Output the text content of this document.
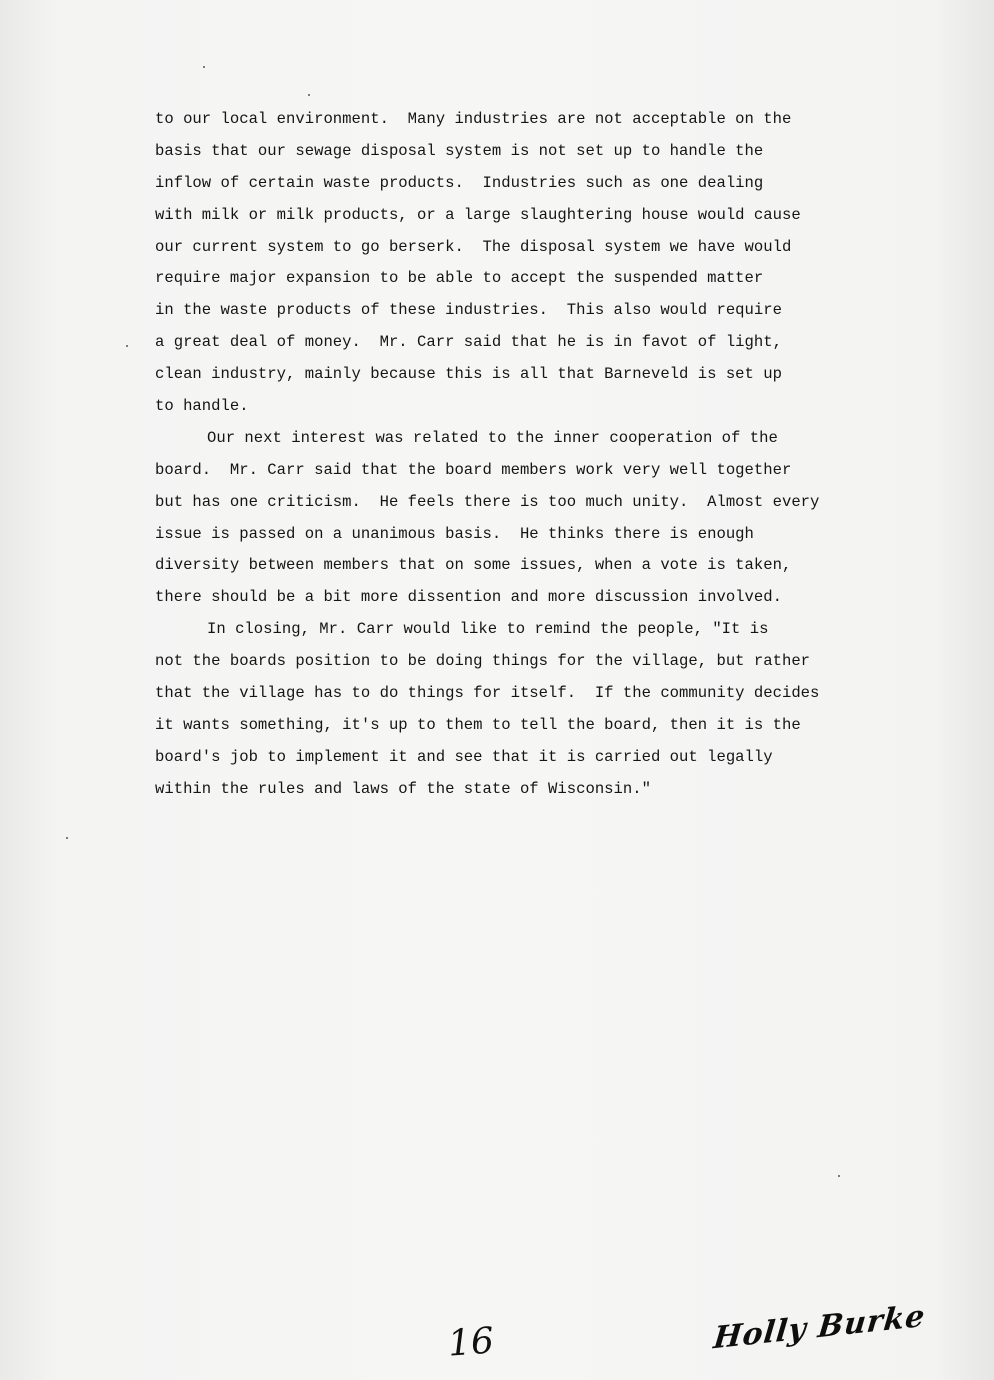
to our local environment.  Many industries are not acceptable on the
basis that our sewage disposal system is not set up to handle the
inflow of certain waste products.  Industries such as one dealing
with milk or milk products, or a large slaughtering house would cause
our current system to go berserk.  The disposal system we have would
require major expansion to be able to accept the suspended matter
in the waste products of these industries.  This also would require
a great deal of money.  Mr. Carr said that he is in favot of light,
clean industry, mainly because this is all that Barneveld is set up
to handle.
Our next interest was related to the inner cooperation of the
board.  Mr. Carr said that the board members work very well together
but has one criticism.  He feels there is too much unity.  Almost every
issue is passed on a unanimous basis.  He thinks there is enough
diversity between members that on some issues, when a vote is taken,
there should be a bit more dissention and more discussion involved.
In closing, Mr. Carr would like to remind the people, "It is
not the boards position to be doing things for the village, but rather
that the village has to do things for itself.  If the community decides
it wants something, it's up to them to tell the board, then it is the
board's job to implement it and see that it is carried out legally
within the rules and laws of the state of Wisconsin."
16	Holly Burke
